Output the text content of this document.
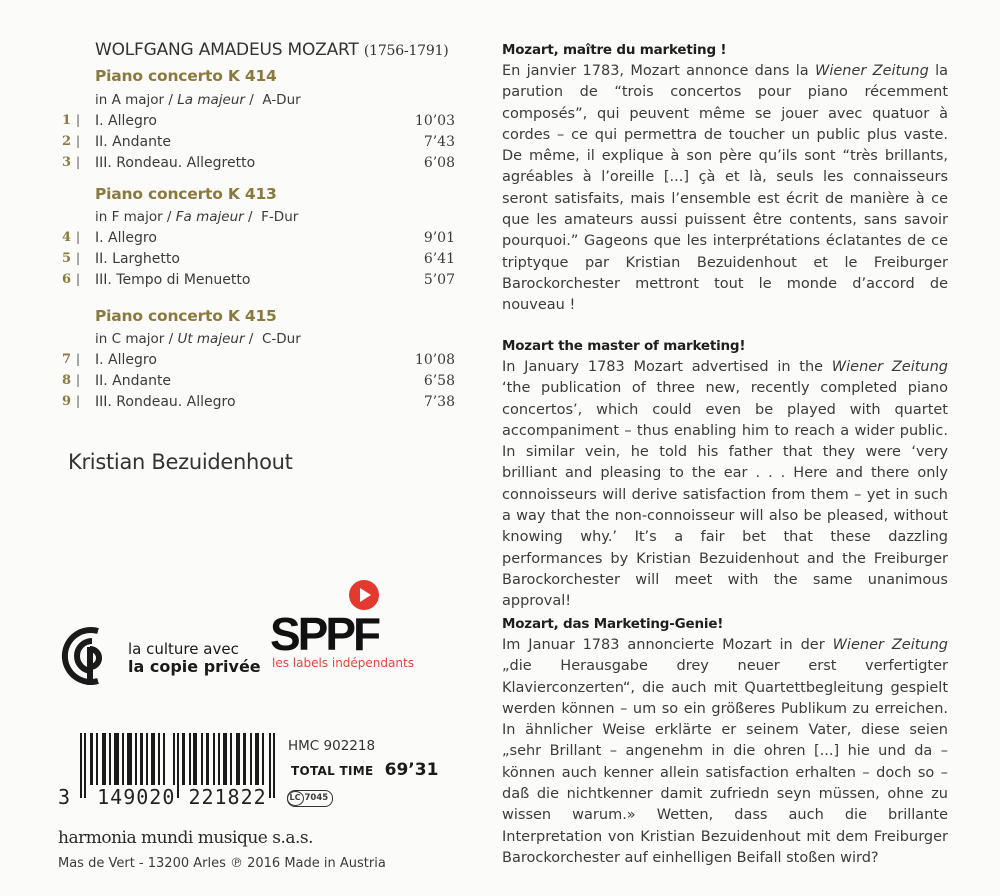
WOLFGANG AMADEUS MOZART (1756-1791)
Piano concerto K 414
in A major / La majeur / A-Dur
1 | I. Allegro	10’03
2 | II. Andante	7’43
3 | III. Rondeau. Allegretto	6’08
Piano concerto K 413
in F major / Fa majeur / F-Dur
4 | I. Allegro	9’01
5 | II. Larghetto	6’41
6 | III. Tempo di Menuetto	5’07
Piano concerto K 415
in C major / Ut majeur / C-Dur
7 | I. Allegro	10’08
8 | II. Andante	6’58
9 | III. Rondeau. Allegro	7’38
Kristian Bezuidenhout
la culture avec
la copie privée
SPPF
les labels indépendants
3 149020 221822
HMC 902218
TOTAL TIME 69’31
LC 7045
harmonia mundi musique s.a.s.
Mas de Vert - 13200 Arles ℗ 2016 Made in Austria
Mozart, maître du marketing !

En janvier 1783, Mozart annonce dans la Wiener Zeitung la parution de “trois concertos pour piano récemment composés”, qui peuvent même se jouer avec quatuor à cordes – ce qui permettra de toucher un public plus vaste. De même, il explique à son père qu’ils sont “très brillants, agréables à l’oreille [...] çà et là, seuls les connaisseurs seront satisfaits, mais l’ensemble est écrit de manière à ce que les amateurs aussi puissent être contents, sans savoir pourquoi.” Gageons que les interprétations éclatantes de ce triptyque par Kristian Bezuidenhout et le Freiburger Barockorchester mettront tout le monde d’accord de nouveau !

Mozart the master of marketing!

In January 1783 Mozart advertised in the Wiener Zeitung ‘the publication of three new, recently completed piano concertos’, which could even be played with quartet accompaniment – thus enabling him to reach a wider public. In similar vein, he told his father that they were ‘very brilliant and pleasing to the ear . . . Here and there only connoisseurs will derive satisfaction from them – yet in such a way that the non-connoisseur will also be pleased, without knowing why.’ It’s a fair bet that these dazzling performances by Kristian Bezuidenhout and the Freiburger Barockorchester will meet with the same unanimous approval!

Mozart, das Marketing-Genie!

Im Januar 1783 annoncierte Mozart in der Wiener Zeitung „die Herausgabe drey neuer erst verfertigter Klavierconzerten“, die auch mit Quartettbegleitung gespielt werden können – um so ein größeres Publikum zu erreichen. In ähnlicher Weise erklärte er seinem Vater, diese seien „sehr Brillant – angenehm in die ohren [...] hie und da – können auch kenner allein satisfaction erhalten – doch so – daß die nichtkenner damit zufriedn seyn müssen, ohne zu wissen warum.» Wetten, dass auch die brillante Interpretation von Kristian Bezuidenhout mit dem Freiburger Barockorchester auf einhelligen Beifall stoßen wird?
